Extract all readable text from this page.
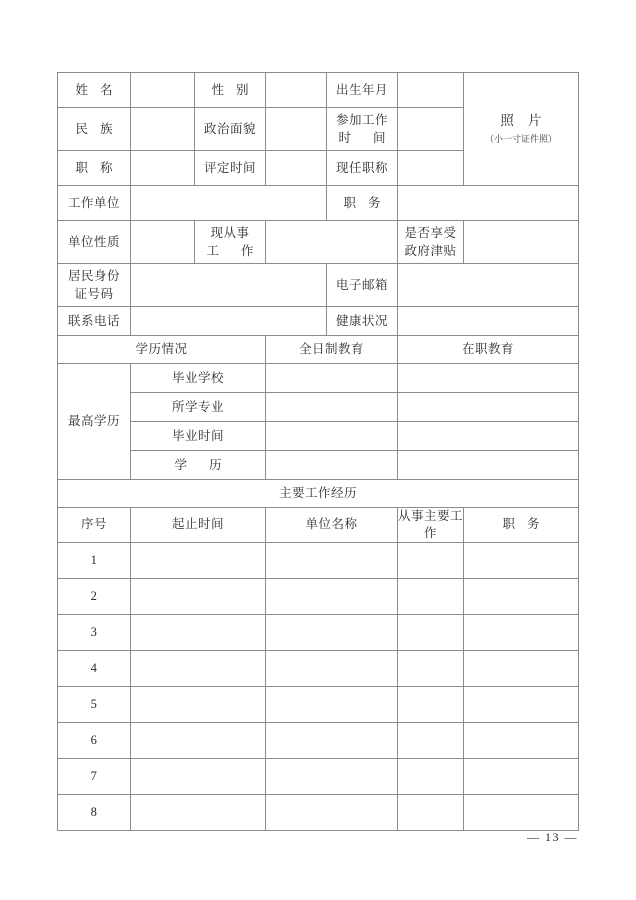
姓 名		性 别		出生年月		照 片
（小一寸证件照）

民 族		政治面貌		参加工作
时 间		

职 称		评定时间		现任职称		

工作单位				职 务		

单位性质		现从事
工 作			是否享受
政府津贴	

居民身份
证号码				电子邮箱		

联系电话				健康状况		

学历情况			全日制教育		在职教育	

最高学历	毕业学校					
	所学专业					
	毕业时间					

	学 历					

主要工作经历						
序号	起止时间		单位名称		从事主要工作	职 务

1						
2						
3						
4						
5						
6						
7						
8						
— 13 —
